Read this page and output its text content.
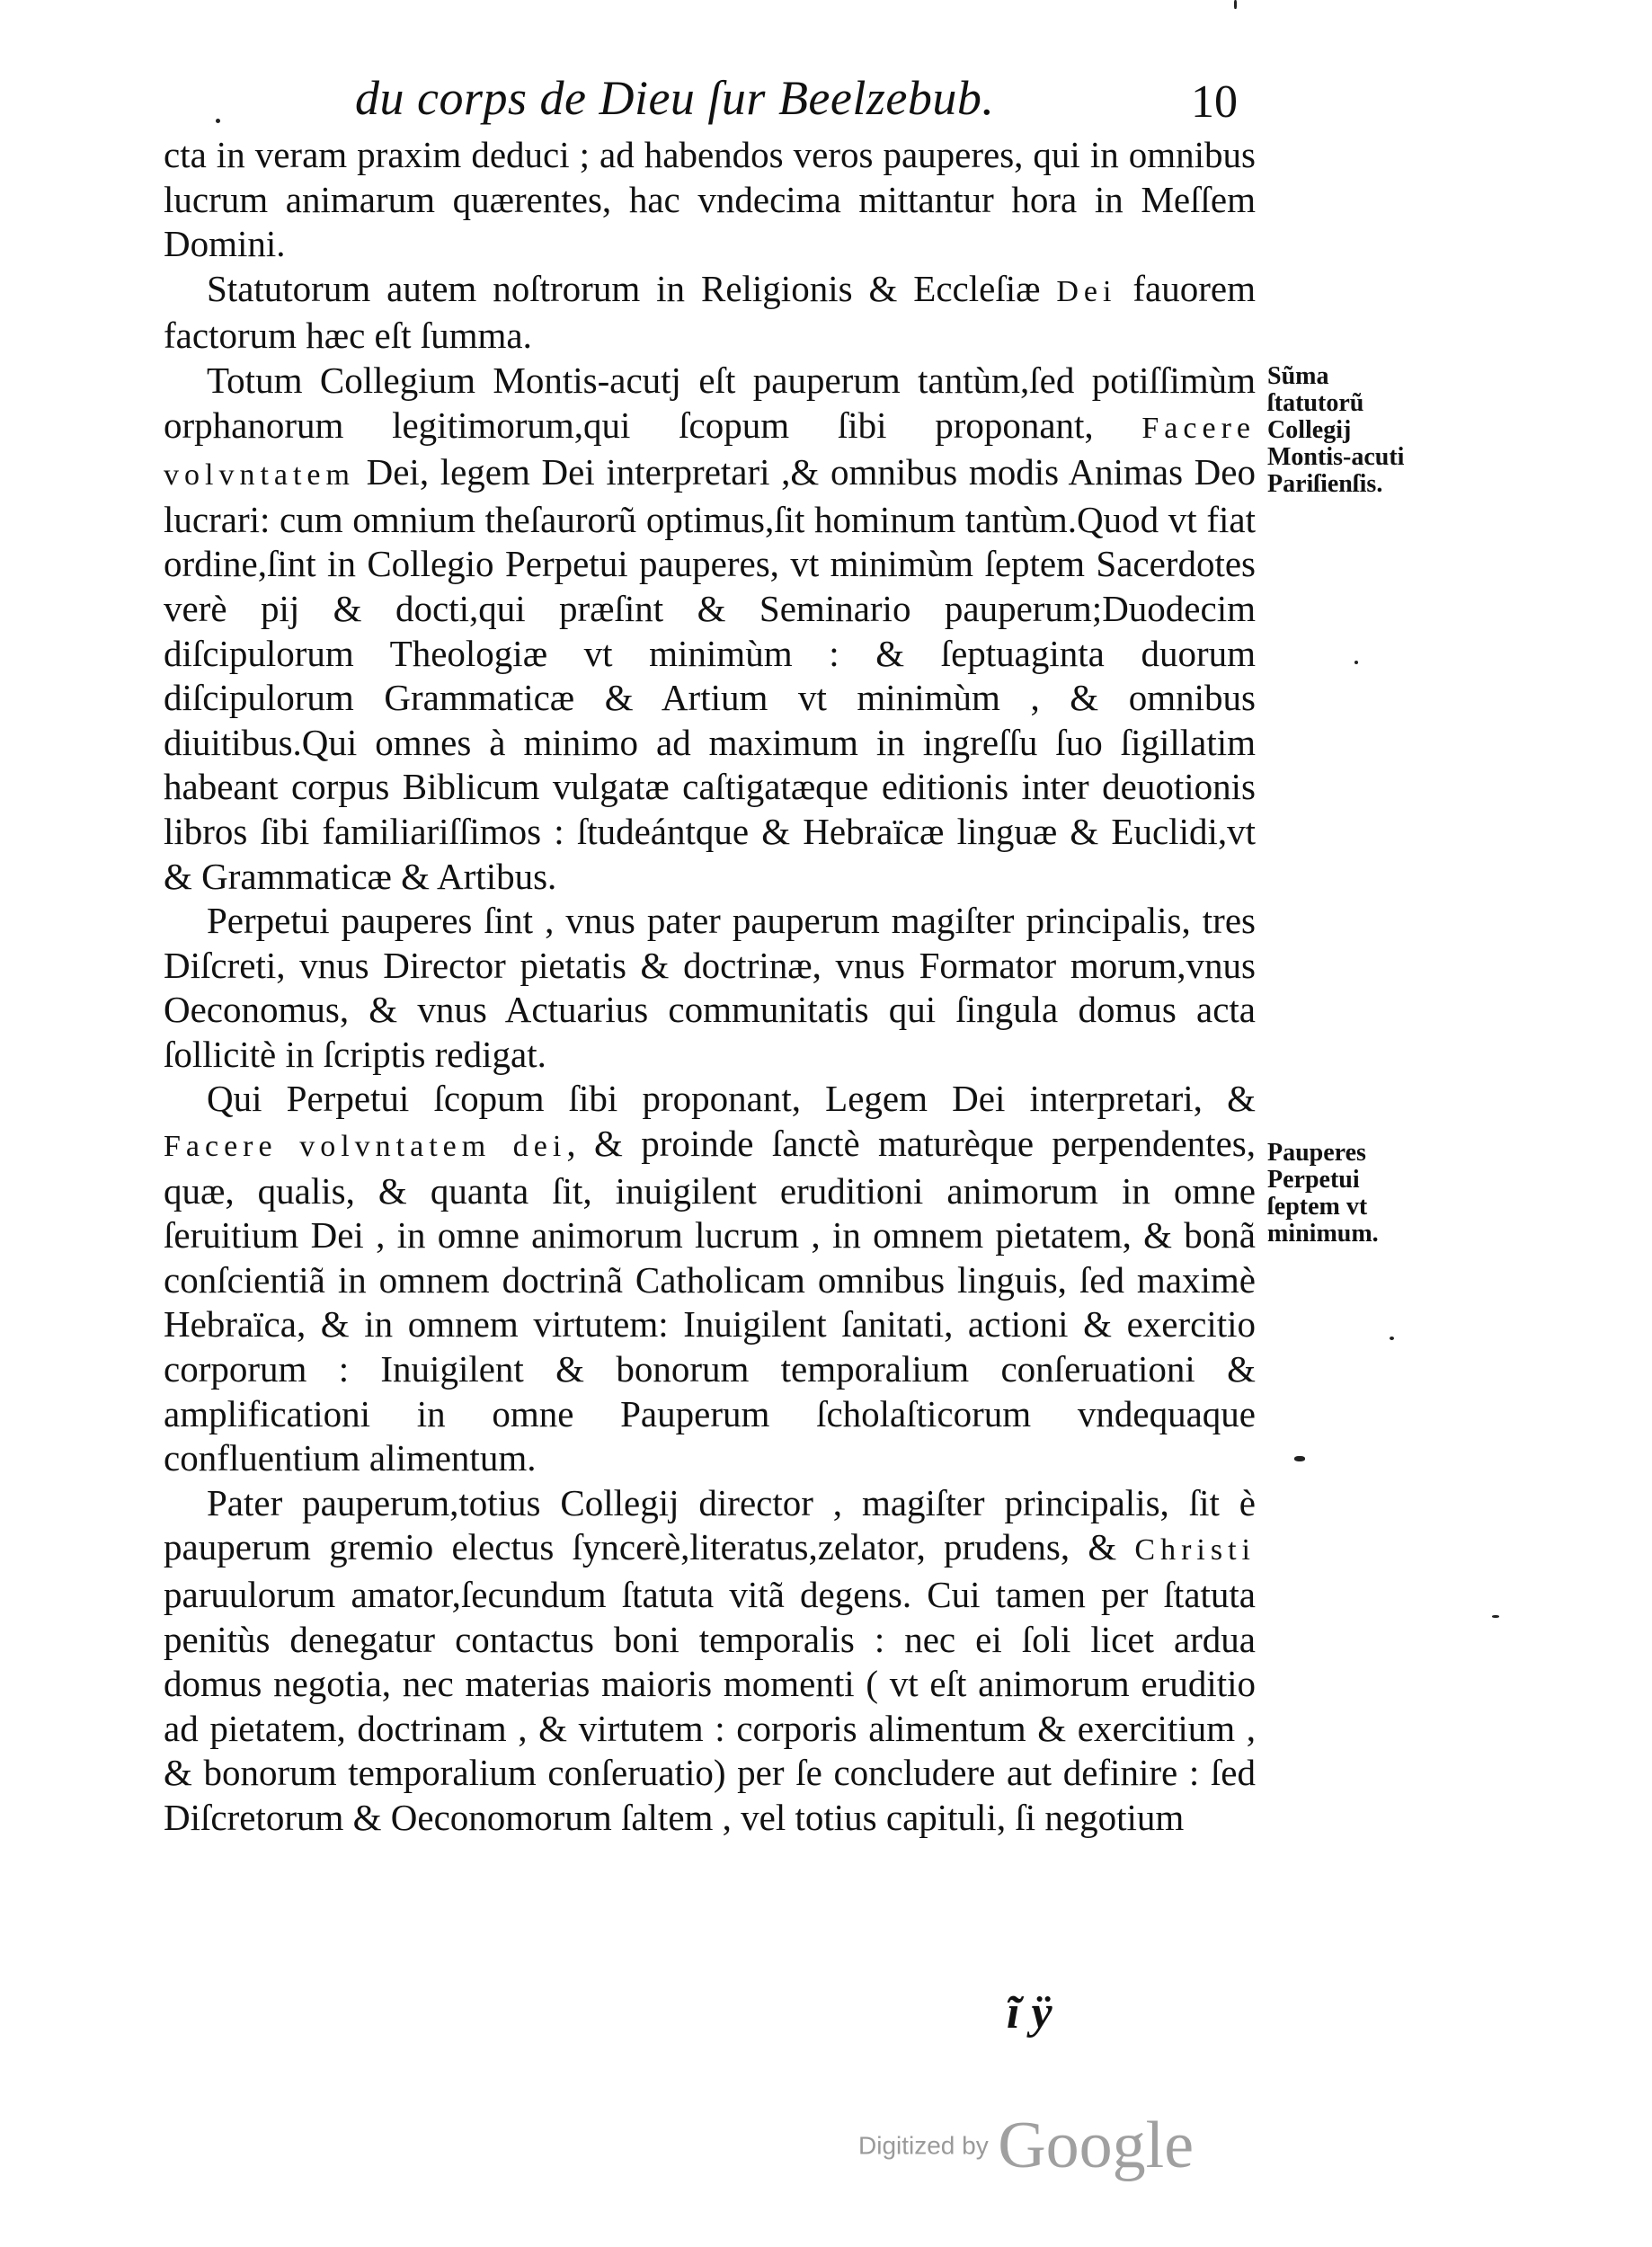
du corps de Dieu ſur Beelzebub.	10

cta in veram praxim deduci ; ad habendos veros pauperes, qui in omnibus lucrum animarum quærentes, hac vndecima mittantur hora in Meſſem Domini.

Statutorum autem noſtrorum in Religionis & Eccleſiæ Dei fauorem factorum hæc eſt ſumma.

Totum Collegium Montis-acutj eſt pauperum tantùm,ſed potiſſimùm orphanorum legitimorum,qui ſcopum ſibi proponant, Facere volvntatem Dei, legem Dei interpretari ,& omnibus modis Animas Deo lucrari: cum omnium theſaurorũ optimus,ſit hominum tantùm.Quod vt fiat ordine,ſint in Collegio Perpetui pauperes, vt minimùm ſeptem Sacerdotes verè pij & docti,qui præſint & Seminario pauperum;Duodecim diſcipulorum Theologiæ vt minimùm : & ſeptuaginta duorum diſcipulorum Grammaticæ & Artium vt minimùm , & omnibus diuitibus.Qui omnes à minimo ad maximum in ingreſſu ſuo ſigillatim habeant corpus Biblicum vulgatæ caſtigatæque editionis inter deuotionis libros ſibi familiariſſimos : ſtudeántque & Hebraïcæ linguæ & Euclidi,vt & Grammaticæ & Artibus.

Perpetui pauperes ſint , vnus pater pauperum magiſter principalis, tres Diſcreti, vnus Director pietatis & doctrinæ, vnus Formator morum,vnus Oeconomus, & vnus Actuarius communitatis qui ſingula domus acta ſollicitè in ſcriptis redigat.

Qui Perpetui ſcopum ſibi proponant, Legem Dei interpretari, & Facere volvntatem dei, & proinde ſanctè maturèque perpendentes, quæ, qualis, & quanta ſit, inuigilent eruditioni animorum in omne ſeruitium Dei , in omne animorum lucrum , in omnem pietatem, & bonã conſcientiã in omnem doctrinã Catholicam omnibus linguis, ſed maximè Hebraïca, & in omnem virtutem: Inuigilent ſanitati, actioni & exercitio corporum : Inuigilent & bonorum temporalium conſeruationi & amplificationi in omne Pauperum ſcholaſticorum vndequaque confluentium alimentum.

Pater pauperum,totius Collegij director , magiſter principalis, ſit è pauperum gremio electus ſyncerè,literatus,zelator, prudens, & Christi paruulorum amator,ſecundum ſtatuta vitã degens. Cui tamen per ſtatuta penitùs denegatur contactus boni temporalis : nec ei ſoli licet ardua domus negotia, nec materias maioris momenti ( vt eſt animorum eruditio ad pietatem, doctrinam , & virtutem : corporis alimentum & exercitium , & bonorum temporalium conſeruatio) per ſe concludere aut definire : ſed Diſcretorum & Oeconomorum ſaltem , vel totius capituli, ſi negotium

Sũma ſtatutorũ Collegij Montis-acuti Pariſienſis.
Pauperes Perpetui ſeptem vt minimum.
ĩ ÿ
Digitized by Google
